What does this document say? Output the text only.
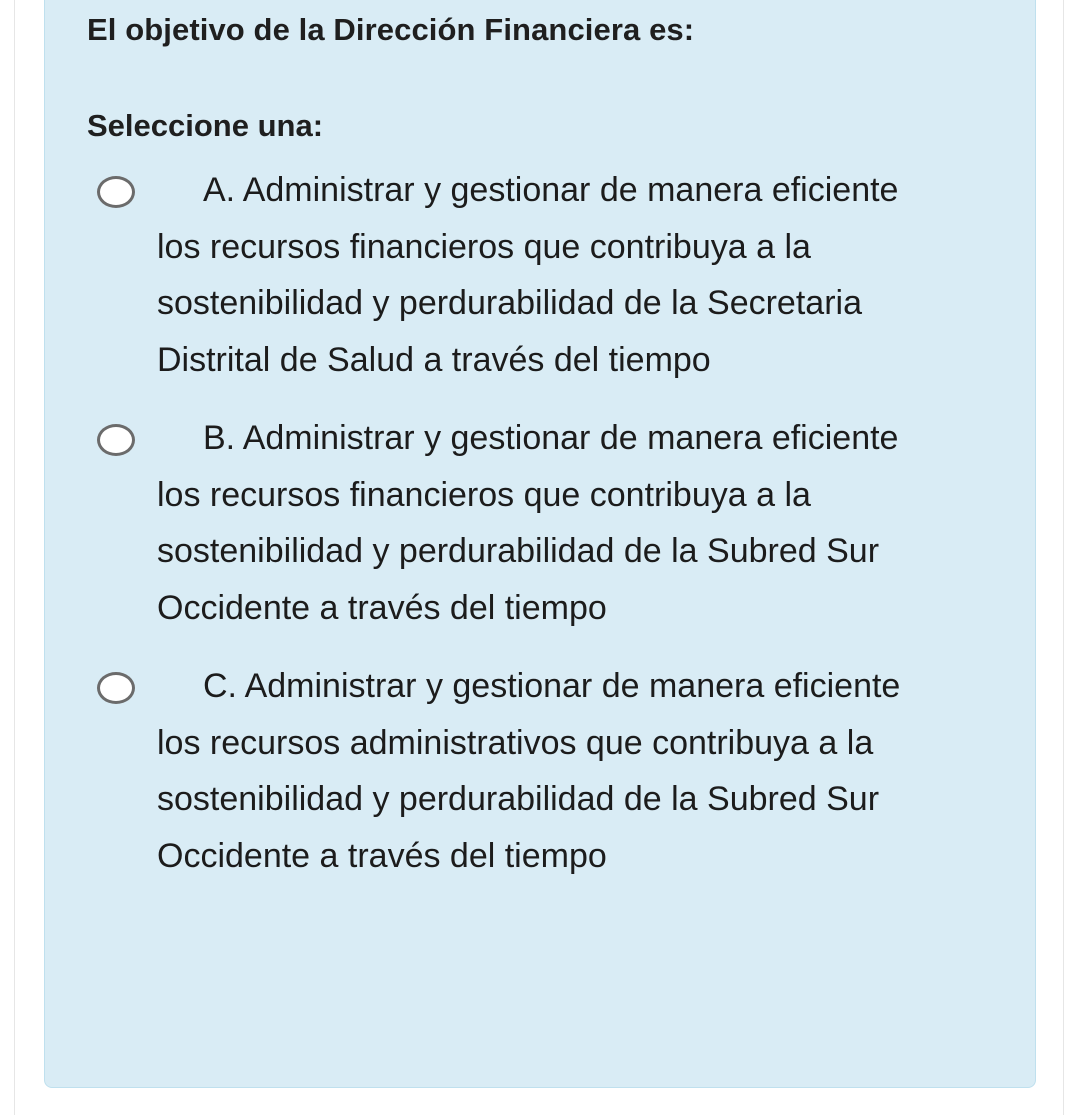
El objetivo de la Dirección Financiera es:
Seleccione una:
A. Administrar y gestionar de manera eficiente los recursos financieros que contribuya a la sostenibilidad y perdurabilidad de la Secretaria Distrital de Salud a través del tiempo
B. Administrar y gestionar de manera eficiente los recursos financieros que contribuya a la sostenibilidad y perdurabilidad de la Subred Sur Occidente a través del tiempo
C. Administrar y gestionar de manera eficiente los recursos administrativos que contribuya a la sostenibilidad y perdurabilidad de la Subred Sur Occidente a través del tiempo
